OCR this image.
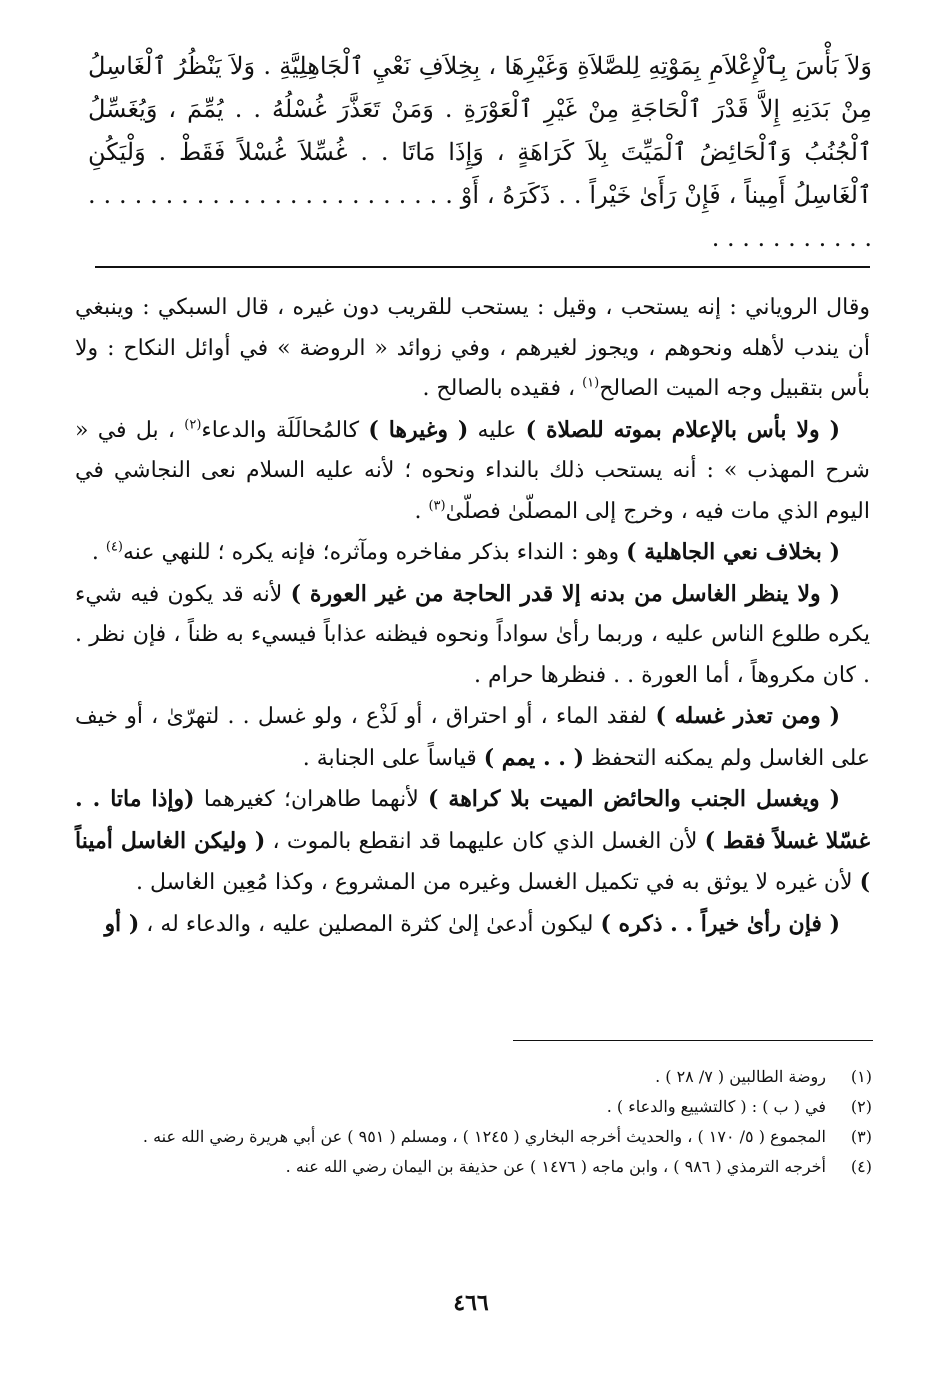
وَلاَ بَأْسَ بِٱلْإِعْلاَمِ بِمَوْتِهِ لِلصَّلاَةِ وَغَيْرِهَا ، بِخِلاَفِ نَعْيِ ٱلْجَاهِلِيَّةِ . وَلاَ يَنْظُرُ ٱلْغَاسِلُ مِنْ بَدَنِهِ إِلاَّ قَدْرَ ٱلْحَاجَةِ مِنْ غَيْرِ ٱلْعَوْرَةِ . وَمَنْ تَعَذَّرَ غُسْلُهُ . . يُمِّمَ ، وَيُغَسِّلُ ٱلْجُنُبُ وَٱلْحَائِضُ ٱلْمَيِّتَ بِلاَ كَرَاهَةٍ ، وَإِذَا مَاتَا . . غُسِّلاَ غُسْلاً فَقَطْ . وَلْيَكُنِ ٱلْغَاسِلُ أَمِيناً ، فَإِنْ رَأَىٰ خَيْراً . . ذَكَرَهُ ، أَوْ . . . . . . . . . . . . . . . . . . . . . . . . . . . . . . . . . . .

وقال الروياني : إنه يستحب ، وقيل : يستحب للقريب دون غيره ، قال السبكي : وينبغي أن يندب لأهله ونحوهم ، ويجوز لغيرهم ، وفي زوائد « الروضة » في أوائل النكاح : ولا بأس بتقبيل وجه الميت الصالح$^{(١)}$ ، فقيده بالصالح .

( ولا بأس بالإعلام بموته للصلاة ) عليه ( وغيرها ) كالمُحالَلَة والدعاء$^{(٢)}$ ، بل في « شرح المهذب » : أنه يستحب ذلك بالنداء ونحوه ؛ لأنه عليه السلام نعى النجاشي في اليوم الذي مات فيه ، وخرج إلى المصلّىٰ فصلّىٰ$^{(٣)}$ .

( بخلاف نعي الجاهلية ) وهو : النداء بذكر مفاخره ومآثره؛ فإنه يكره ؛ للنهي عنه$^{(٤)}$ .

( ولا ينظر الغاسل من بدنه إلا قدر الحاجة من غير العورة ) لأنه قد يكون فيه شيء يكره طلوع الناس عليه ، وربما رأىٰ سواداً ونحوه فيظنه عذاباً فيسيء به ظناً ، فإن نظر . . كان مكروهاً ، أما العورة . . فنظرها حرام .

( ومن تعذر غسله ) لفقد الماء ، أو احتراق ، أو لَذْع ، ولو غسل . . لتهرّىٰ ، أو خيف على الغاسل ولم يمكنه التحفظ ( . . يمم ) قياساً على الجنابة .

( ويغسل الجنب والحائض الميت بلا كراهة ) لأنهما طاهران؛ كغيرهما (وإذا ماتا . . غسّلا غسلاً فقط ) لأن الغسل الذي كان عليهما قد انقطع بالموت ، ( وليكن الغاسل أميناً ) لأن غيره لا يوثق به في تكميل الغسل وغيره من المشروع ، وكذا مُعِين الغاسل .

( فإن رأىٰ خيراً . . ذكره ) ليكون أدعىٰ إلىٰ كثرة المصلين عليه ، والدعاء له ، ( أو

(١)
روضة الطالبين ( ٧/ ٢٨ ) .
(٢)
في ( ب ) : ( كالتشييع والدعاء ) .
(٣)
المجموع ( ٥/ ١٧٠ ) ، والحديث أخرجه البخاري ( ١٢٤٥ ) ، ومسلم ( ٩٥١ ) عن أبي هريرة رضي الله عنه .
(٤)
أخرجه الترمذي ( ٩٨٦ ) ، وابن ماجه ( ١٤٧٦ ) عن حذيفة بن اليمان رضي الله عنه .
٤٦٦
